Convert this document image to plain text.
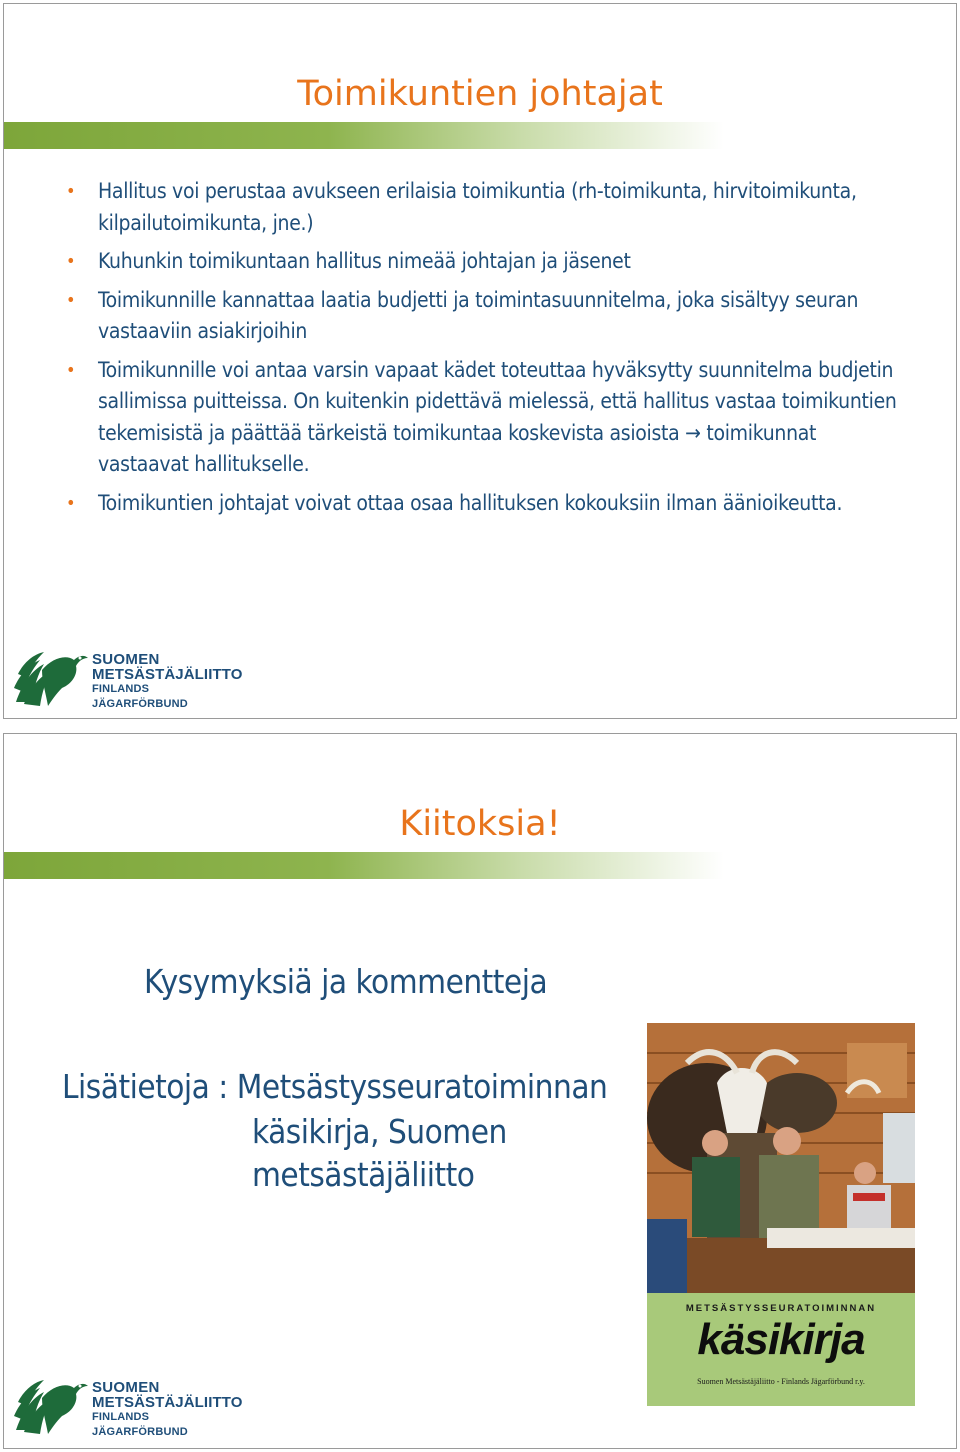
Toimikuntien johtajat
• Hallitus voi perustaa avukseen erilaisia toimikuntia (rh-toimikunta, hirvitoimikunta, kilpailutoimikunta, jne.)
• Kuhunkin toimikuntaan hallitus nimeää johtajan ja jäsenet
• Toimikunnille kannattaa laatia budjetti ja toimintasuunnitelma, joka sisältyy seuran vastaaviin asiakirjoihin
• Toimikunnille voi antaa varsin vapaat kädet toteuttaa hyväksytty suunnitelma budjetin sallimissa puitteissa. On kuitenkin pidettävä mielessä, että hallitus vastaa toimikuntien tekemisistä ja päättää tärkeistä toimikuntaa koskevista asioista → toimikunnat vastaavat hallitukselle.
• Toimikuntien johtajat voivat ottaa osaa hallituksen kokouksiin ilman äänioikeutta.
SUOMEN
METSÄSTÄJÄLIITTO
FINLANDS JÄGARFÖRBUND
Kiitoksia!
Kysymyksiä ja kommentteja
Lisätietoja : Metsästysseuratoiminnan
käsikirja, Suomen
metsästäjäliitto
METSÄSTYSSEURATOIMINNAN
käsikirja
Suomen Metsästäjäliitto - Finlands Jägarförbund r.y.
SUOMEN
METSÄSTÄJÄLIITTO
FINLANDS JÄGARFÖRBUND
